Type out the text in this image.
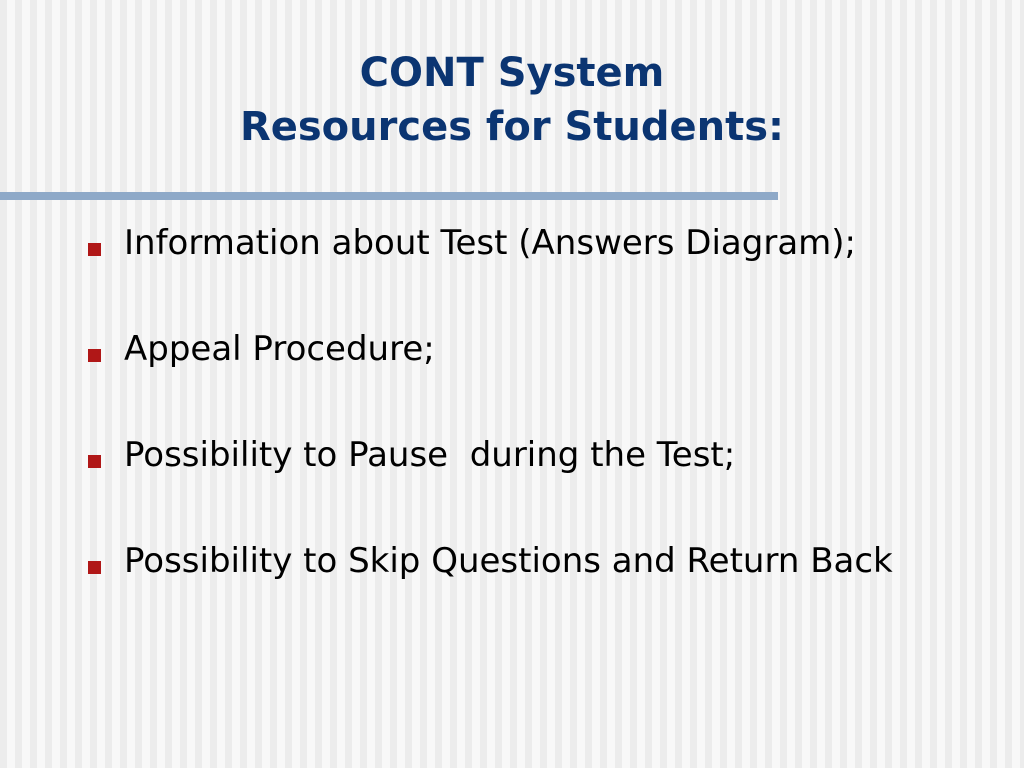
CONT System
Resources for Students:
Information about Test (Answers Diagram);
Appeal Procedure;
Possibility to Pause  during the Test;
Possibility to Skip Questions and Return Back
